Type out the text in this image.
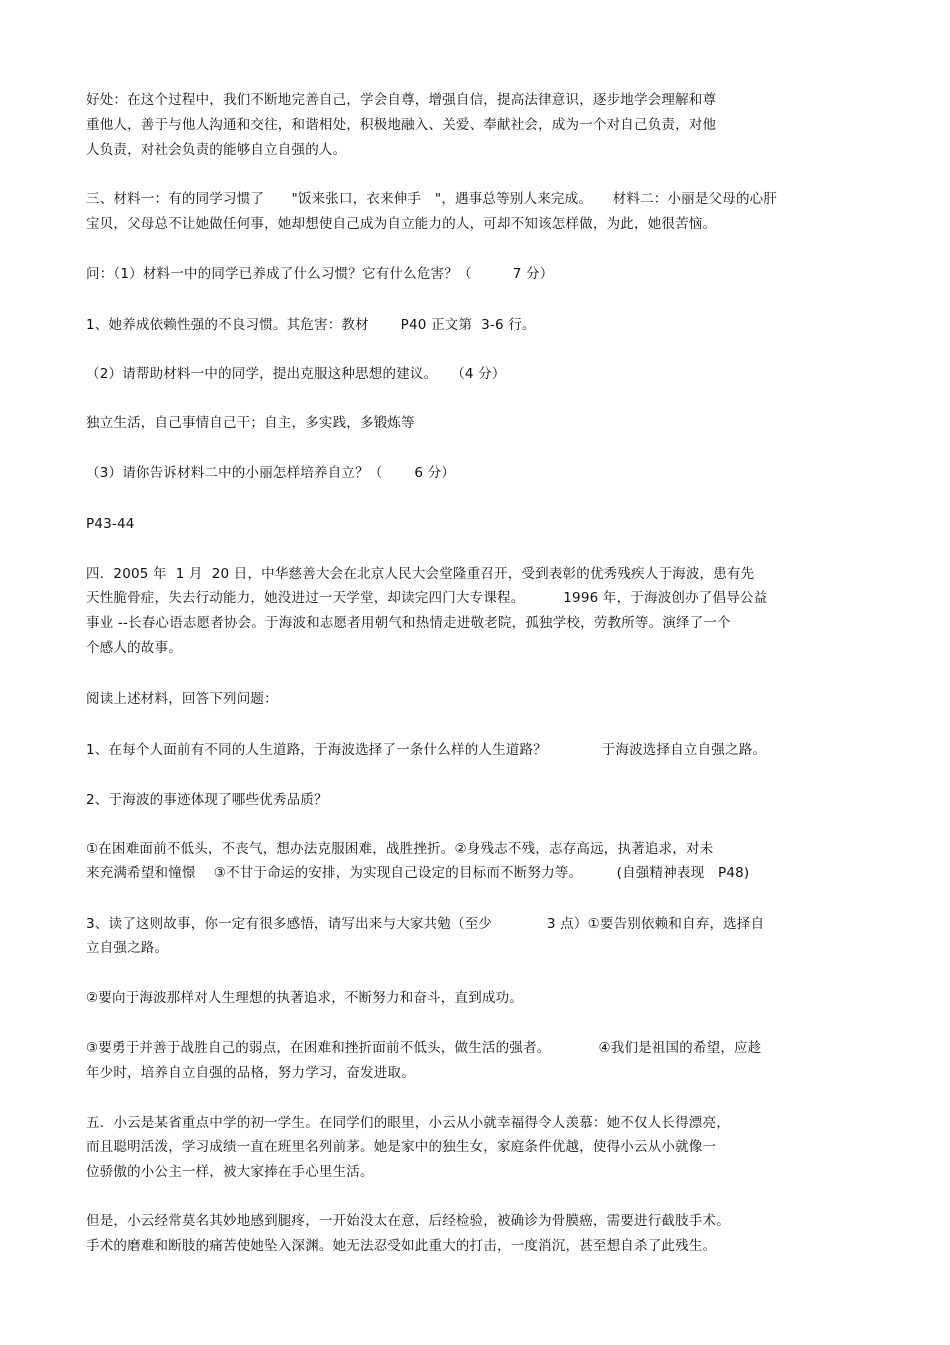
好处：在这个过程中，我们不断地完善自己，学会自尊，增强自信，提高法律意识，逐步地学会理解和尊
重他人，善于与他人沟通和交往，和谐相处，积极地融入、关爱、奉献社会，成为一个对自己负责，对他
人负责，对社会负责的能够自立自强的人。
三、材料一：有的同学习惯了　　"饭来张口，衣来伸手　"，遇事总等别人来完成。　　材料二：小丽是父母的心肝
宝贝，父母总不让她做任何事，她却想使自己成为自立能力的人，可却不知该怎样做，为此，她很苦恼。
问：（1）材料一中的同学已养成了什么习惯？它有什么危害？（　　　7 分）
1、她养成依赖性强的不良习惯。其危害：教材　　 P40 正文第  3-6 行。
（2）请帮助材料一中的同学，提出克服这种思想的建议。　　（4 分）
独立生活，自己事情自己干；自主，多实践，多锻炼等
（3）请你告诉材料二中的小丽怎样培养自立？（　　 6 分）
P43-44
四．2005 年  1 月  20 日，中华慈善大会在北京人民大会堂隆重召开，受到表彰的优秀残疾人于海波，患有先
天性脆骨症，失去行动能力，她没进过一天学堂，却读完四门大专课程。　　　 1996 年，于海波创办了倡导公益
事业 --长春心语志愿者协会。于海波和志愿者用朝气和热情走进敬老院，孤独学校，劳教所等。演绎了一个
个感人的故事。
阅读上述材料，回答下列问题：
1、在每个人面前有不同的人生道路，于海波选择了一条什么样的人生道路？　　　　于海波选择自立自强之路。
2、于海波的事迹体现了哪些优秀品质？
①在困难面前不低头，不丧气，想办法克服困难，战胜挫折。②身残志不残，志存高远，执著追求，对未
来充满希望和憧憬　 ③不甘于命运的安排，为实现自己设定的目标而不断努力等。　　　(自强精神表现　P48)
3、读了这则故事，你一定有很多感悟，请写出来与大家共勉（至少　　　　3 点）①要告别依赖和自弃，选择自
立自强之路。
②要向于海波那样对人生理想的执著追求，不断努力和奋斗，直到成功。
③要勇于并善于战胜自己的弱点，在困难和挫折面前不低头，做生活的强者。　　　　④我们是祖国的希望，应趁
年少时，培养自立自强的品格，努力学习，奋发进取。
五．小云是某省重点中学的初一学生。在同学们的眼里，小云从小就幸福得令人羡慕：她不仅人长得漂亮，
而且聪明活泼，学习成绩一直在班里名列前茅。她是家中的独生女，家庭条件优越，使得小云从小就像一
位骄傲的小公主一样，被大家捧在手心里生活。
但是，小云经常莫名其妙地感到腿疼，一开始没太在意，后经检验，被确诊为骨膜癌，需要进行截肢手术。
手术的磨难和断肢的痛苦使她坠入深渊。她无法忍受如此重大的打击，一度消沉，甚至想自杀了此残生。
